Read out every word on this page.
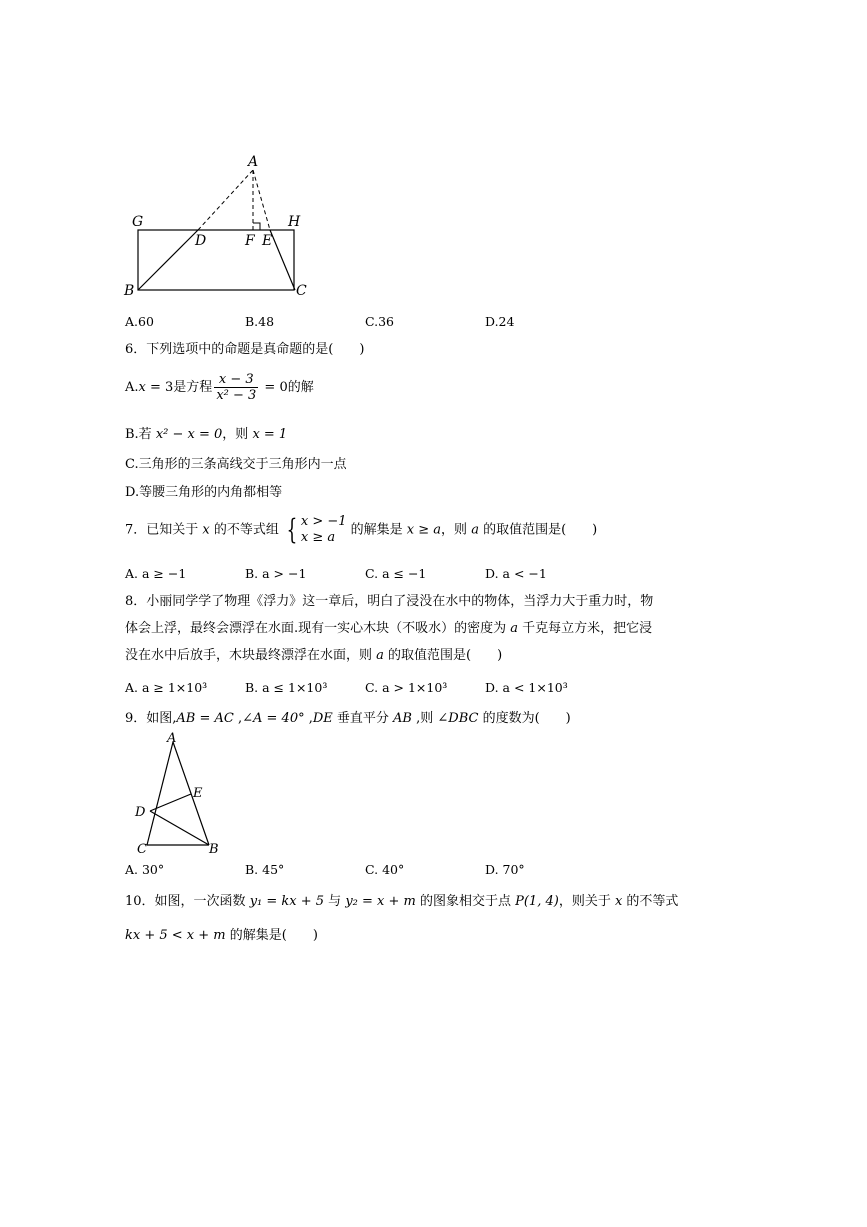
A
G	H
D	F E
B	C
A.60	B.48	C.36	D.24
6．下列选项中的命题是真命题的是(　　)
A.x = 3是方程 $\frac{x - 3}{\text{x² − 3}} = 0$的解
B.若 x² − x = 0，则 x = 1
C.三角形的三条高线交于三角形内一点
D.等腰三角形的内角都相等
7．已知关于 x 的不等式组 { x > −1
x ≥ a	的解集是 x ≥ a，则 a 的取值范围是(　　)
A. a ≥ −1	B. a > −1	C. a ≤ −1	D. a < −1
8．小丽同学学了物理《浮力》这一章后，明白了浸没在水中的物体，当浮力大于重力时，物
体会上浮，最终会漂浮在水面.现有一实心木块（不吸水）的密度为 a 千克每立方米，把它浸
没在水中后放手，木块最终漂浮在水面，则 a 的取值范围是(　　)
A. a ≥ 1×10³	B. a ≤ 1×10³	C. a > 1×10³	D. a < 1×10³
9．如图,AB = AC ,∠A = 40° ,DE 垂直平分 AB ,则 ∠DBC 的度数为(　　)
A
E
D
C	B
A. 30°	B. 45°	C. 40°	D. 70°
10．如图，一次函数 y₁ = kx + 5 与 y₂ = x + m 的图象相交于点 P(1, 4)，则关于 x 的不等式
kx + 5 < x + m 的解集是(　　)
